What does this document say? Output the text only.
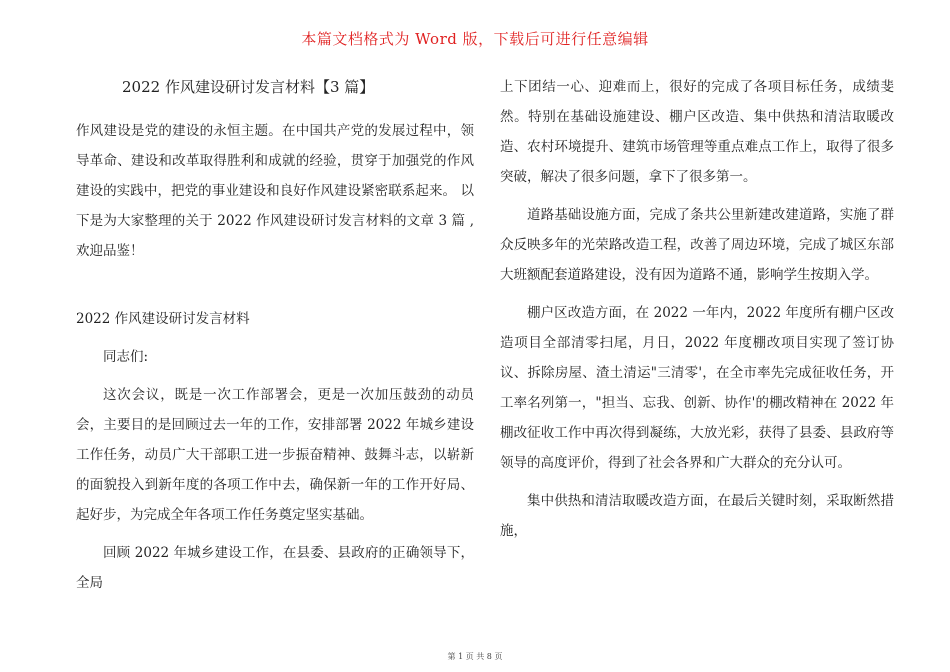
本篇文档格式为 Word 版，下载后可进行任意编辑
2022 作风建设研讨发言材料【3 篇】

作风建设是党的建设的永恒主题。在中国共产党的发展过程中，领导革命、建设和改革取得胜利和成就的经验，贯穿于加强党的作风建设的实践中，把党的事业建设和良好作风建设紧密联系起来。 以下是为大家整理的关于 2022 作风建设研讨发言材料的文章 3 篇 ,欢迎品鉴！

2022 作风建设研讨发言材料

同志们:

这次会议，既是一次工作部署会，更是一次加压鼓劲的动员会，主要目的是回顾过去一年的工作，安排部署 2022 年城乡建设工作任务，动员广大干部职工进一步振奋精神、鼓舞斗志，以崭新的面貌投入到新年度的各项工作中去，确保新一年的工作开好局、起好步，为完成全年各项工作任务奠定坚实基础。

回顾 2022 年城乡建设工作，在县委、县政府的正确领导下，全局

上下团结一心、迎难而上，很好的完成了各项目标任务，成绩斐然。特别在基础设施建设、棚户区改造、集中供热和清洁取暖改造、农村环境提升、建筑市场管理等重点难点工作上，取得了很多突破，解决了很多问题，拿下了很多第一。

道路基础设施方面，完成了条共公里新建改建道路，实施了群众反映多年的光荣路改造工程，改善了周边环境，完成了城区东部大班额配套道路建设，没有因为道路不通，影响学生按期入学。

棚户区改造方面，在 2022 一年内，2022 年度所有棚户区改造项目全部清零扫尾，月日，2022 年度棚改项目实现了签订协议、拆除房屋、渣土清运"三清零'，在全市率先完成征收任务，开工率名列第一，"担当、忘我、创新、协作'的棚改精神在 2022 年棚改征收工作中再次得到凝练，大放光彩，获得了县委、县政府等领导的高度评价，得到了社会各界和广大群众的充分认可。

集中供热和清洁取暖改造方面，在最后关键时刻，采取断然措施，

第 1 页 共 8 页
